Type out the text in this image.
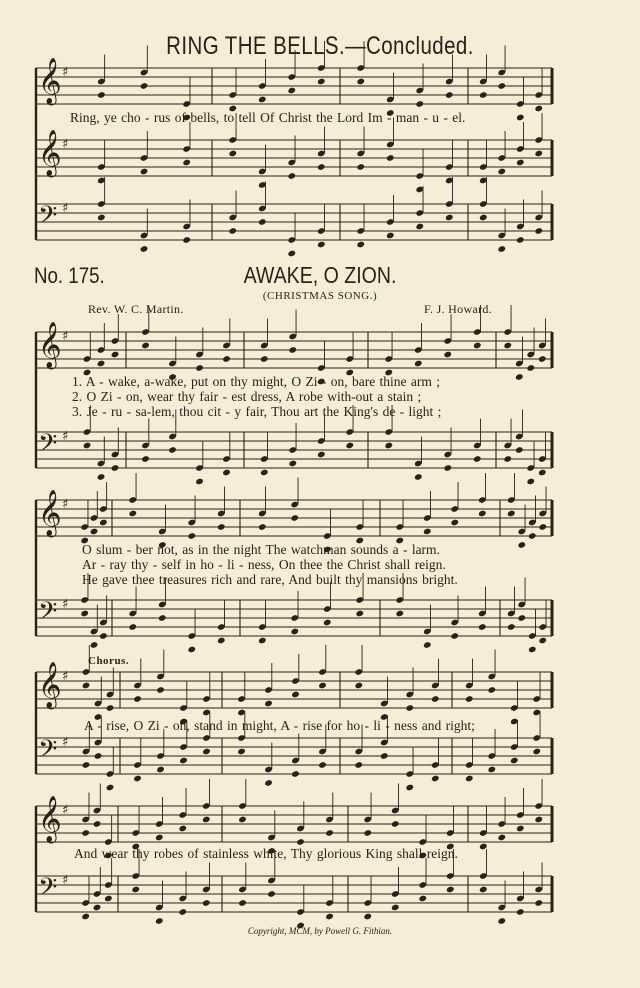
RING THE BELLS.—Concluded.
𝄞 ♯
𝄞 ♯
𝄢 ♯
𝄞 ♯
𝄢 ♯
𝄞 ♯
𝄢 ♯
𝄞 ♯
𝄢 ♯
𝄞 ♯
𝄢 ♯
No. 175.	AWAKE, O ZION.
(CHRISTMAS SONG.)
Rev. W. C. Martin.	F. J. Howard.
Ring, ye cho - rus of bells, to tell Of Christ the Lord Im - man - u - el.
1. A - wake, a-wake, put on thy might, O Zi - on, bare thine arm ;
2. O Zi - on, wear thy fair - est dress, A robe with-out a stain ;
3. Je - ru - sa-lem, thou cit - y fair, Thou art the King's de - light ;
O slum - ber not, as in the night The watchman sounds a - larm.
Ar - ray thy - self in ho - li - ness, On thee the Christ shall reign.
He gave thee treasures rich and rare, And built thy mansions bright.
Chorus.
A - rise, O Zi - on, stand in might, A - rise for ho - li - ness and right;
And wear thy robes of stainless white, Thy glorious King shall reign.
Copyright, MCM, by Powell G. Fithian.
